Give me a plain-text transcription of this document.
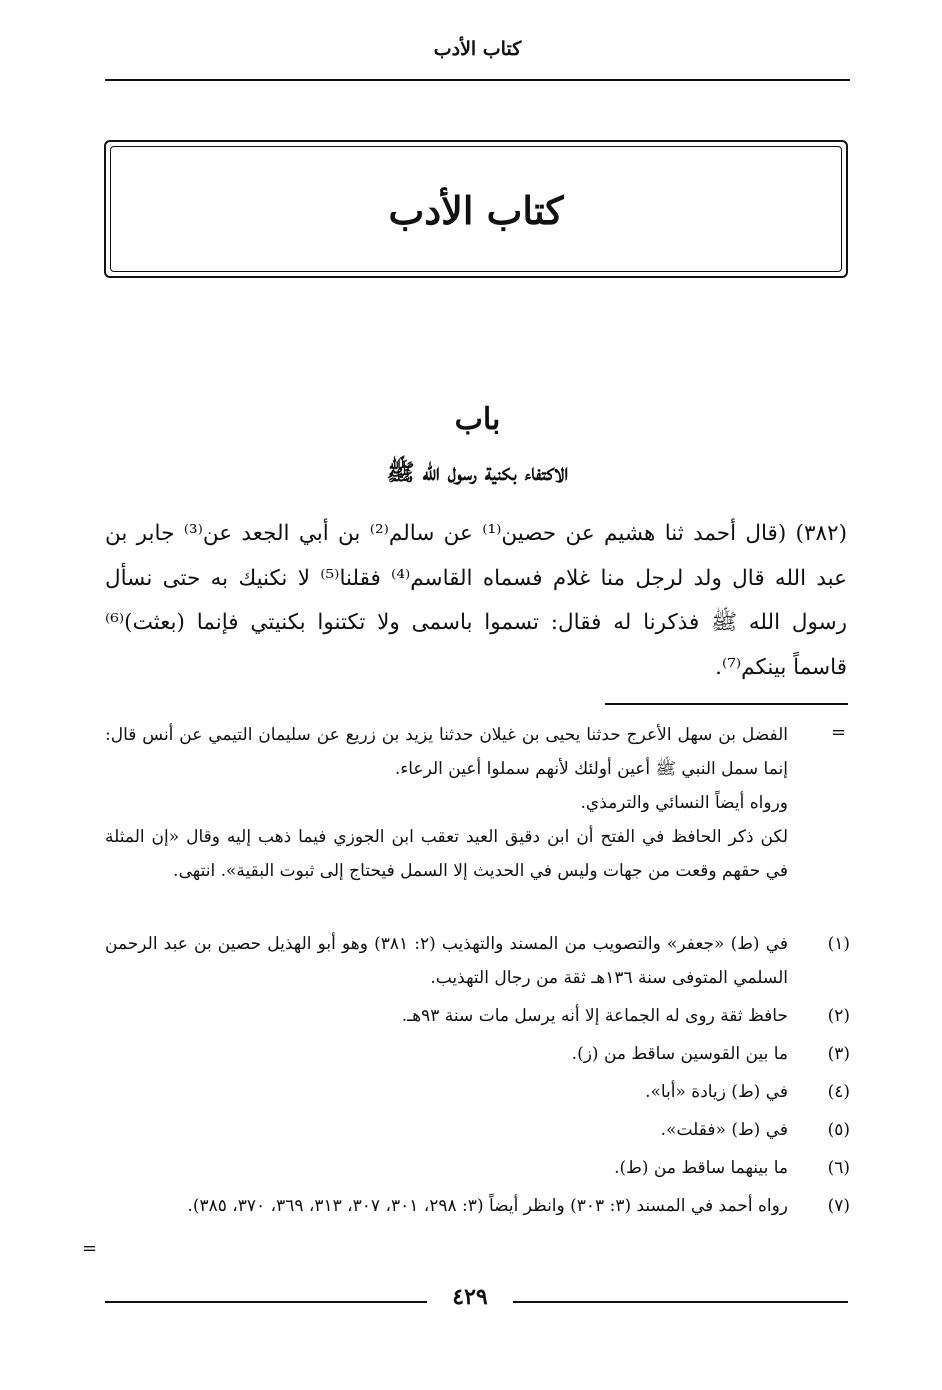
كتاب الأدب
كتاب الأدب
باب
الاكتفاء بكنية رسول الله ﷺ
(٣٨٢) (قال أحمد ثنا هشيم عن حصين⁽¹⁾ عن سالم⁽²⁾ بن أبي الجعد عن⁽³⁾ جابر بن عبد الله قال ولد لرجل منا غلام فسماه القاسم⁽⁴⁾ فقلنا⁽⁵⁾ لا نكنيك به حتى نسأل رسول الله ﷺ فذكرنا له فقال: تسموا باسمى ولا تكتنوا بكنيتي فإنما (بعثت)⁽⁶⁾ قاسماً بينكم⁽⁷⁾.
=

الفضل بن سهل الأعرج حدثنا يحيى بن غيلان حدثنا يزيد بن زريع عن سليمان التيمي عن أنس قال: إنما سمل النبي ﷺ أعين أولئك لأنهم سملوا أعين الرعاء.

ورواه أيضاً النسائي والترمذي.

لكن ذكر الحافظ في الفتح أن ابن دقيق العيد تعقب ابن الجوزي فيما ذهب إليه وقال «إن المثلة في حقهم وقعت من جهات وليس في الحديث إلا السمل فيحتاج إلى ثبوت البقية». انتهى.

(١)
في (ط) «جعفر» والتصويب من المسند والتهذيب (٢: ٣٨١) وهو أبو الهذيل حصين بن عبد الرحمن السلمي المتوفى سنة ١٣٦هـ ثقة من رجال التهذيب.
(٢)
حافظ ثقة روى له الجماعة إلا أنه يرسل مات سنة ٩٣هـ.
(٣)
ما بين القوسين ساقط من (ز).
(٤)
في (ط) زيادة «أبا».
(٥)
في (ط) «فقلت».
(٦)
ما بينهما ساقط من (ط).
(٧)
رواه أحمد في المسند (٣: ٣٠٣) وانظر أيضاً (٣: ٢٩٨، ٣٠١، ٣٠٧، ٣١٣، ٣٦٩، ٣٧٠، ٣٨٥).
=
٤٢٩
